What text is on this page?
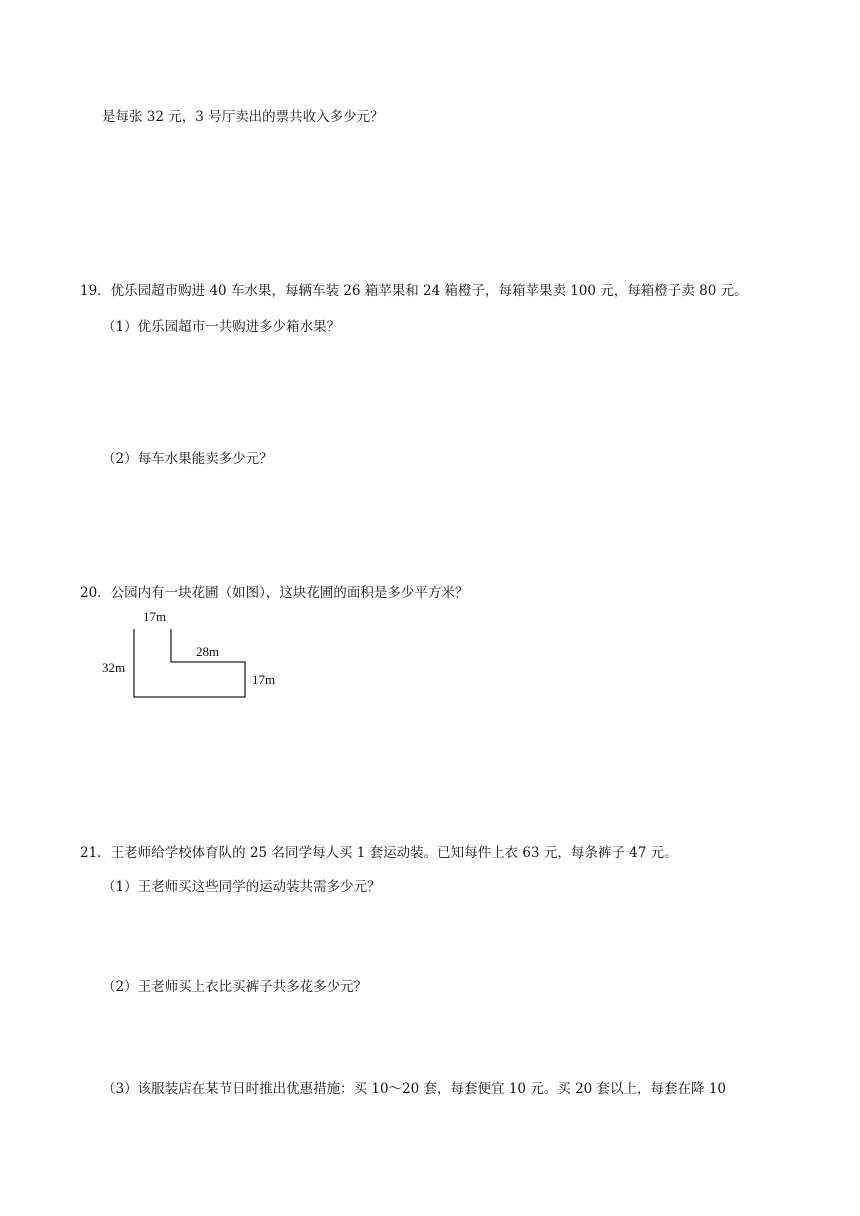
是每张 32 元，3 号厅卖出的票共收入多少元？
19．优乐园超市购进 40 车水果，每辆车装 26 箱苹果和 24 箱橙子，每箱苹果卖 100 元，每箱橙子卖 80 元。
（1）优乐园超市一共购进多少箱水果？
（2）每车水果能卖多少元？
20．公园内有一块花圃（如图），这块花圃的面积是多少平方米？
17m
28m
32m
17m
21．王老师给学校体育队的 25 名同学每人买 1 套运动装。已知每件上衣 63 元，每条裤子 47 元。
（1）王老师买这些同学的运动装共需多少元？
（2）王老师买上衣比买裤子共多花多少元？
（3）该服装店在某节日时推出优惠措施：买 10～20 套，每套便宜 10 元。买 20 套以上，每套在降 10
